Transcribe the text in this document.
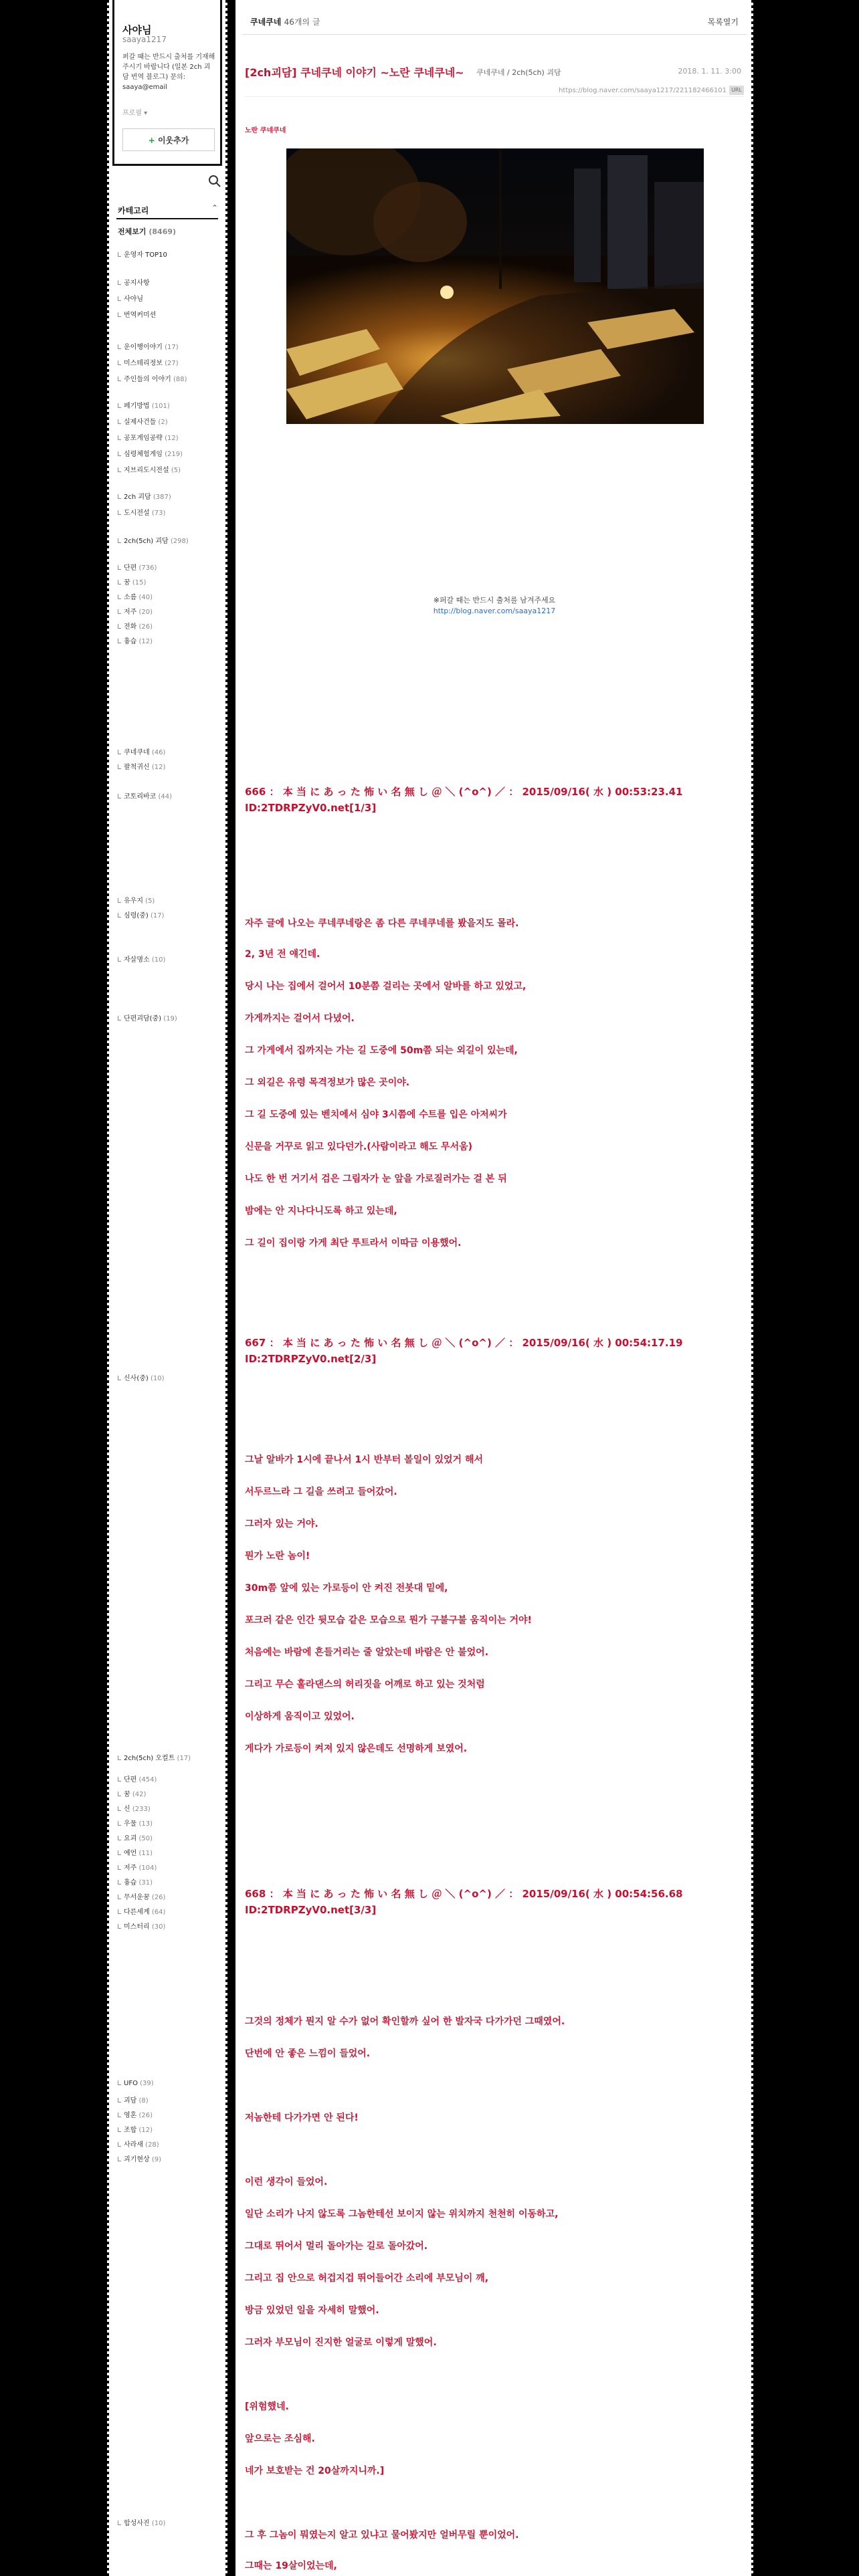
사야님
saaya1217
퍼갈 때는 반드시 출처를 기재해주시기 바랍니다 (일본 2ch 괴담 번역 블로그) 문의: saaya@email
프로필 ▾
+ 이웃추가
카테고리	⌃
전체보기 (8469)
운영자 TOP10
공지사항
사야님
번역커미션
운이행이야기 (17)
미스테리정보 (27)
주인들의 이야기 (88)
페기방법 (101)
실제사건들 (2)
공포게임공략 (12)
심령체험게임 (219)
지브리도시전설 (5)
2ch 괴담 (387)
도시전설 (73)
2ch(5ch) 괴담 (298)
단편 (736)
꿈 (15)
소름 (40)
저주 (20)
전화 (26)
흉습 (12)
쿠네쿠네 (46)
팔척귀신 (12)
코토리바코 (44)
유우지 (5)
심령(중) (17)
자살명소 (10)
단편괴담(중) (19)
신사(중) (10)
2ch(5ch) 오컬트 (17)
단편 (454)
꿈 (42)
신 (233)
우물 (13)
요괴 (50)
예언 (11)
저주 (104)
흉습 (31)
무서운꿈 (26)
다른세계 (64)
미스터리 (30)
UFO (39)
괴담 (8)
영혼 (26)
조합 (12)
사라새 (28)
괴기현상 (9)
합성사진 (10)
쿠네쿠네 46개의 글	목록열기
[2ch괴담] 쿠네쿠네 이야기 ~노란 쿠네쿠네~ 쿠네쿠네 / 2ch(5ch) 괴담	2018. 1. 11. 3:00
https://blog.naver.com/saaya1217/221182466101 URL
노란 쿠네쿠네
※퍼갈 때는 반드시 출처를 남겨주세요
http://blog.naver.com/saaya1217
666 ： 本 当 に あ っ た 怖 い 名 無 し ＠ ＼ (^o^) ／ ： 2015/09/16( 水 ) 00:53:23.41 ID:2TDRPZyV0.net[1/3]
자주 글에 나오는 쿠네쿠네랑은 좀 다른 쿠네쿠네를 봤을지도 몰라.
2, 3년 전 얘긴데.
당시 나는 집에서 걸어서 10분쯤 걸리는 곳에서 알바를 하고 있었고,
가게까지는 걸어서 다녔어.
그 가게에서 집까지는 가는 길 도중에 50m쯤 되는 외길이 있는데,
그 외길은 유령 목격정보가 많은 곳이야.
그 길 도중에 있는 벤치에서 심야 3시쯤에 수트를 입은 아저씨가
신문을 거꾸로 읽고 있다던가.(사람이라고 해도 무서움)
나도 한 번 거기서 검은 그림자가 눈 앞을 가로질러가는 걸 본 뒤
밤에는 안 지나다니도록 하고 있는데,
그 길이 집이랑 가게 최단 루트라서 이따금 이용했어.
667 ： 本 当 に あ っ た 怖 い 名 無 し ＠ ＼ (^o^) ／ ： 2015/09/16( 水 ) 00:54:17.19 ID:2TDRPZyV0.net[2/3]
그날 알바가 1시에 끝나서 1시 반부터 볼일이 있었거 해서
서두르느라 그 길을 쓰려고 들어갔어.
그러자 있는 거야.
뭔가 노란 놈이!
30m쯤 앞에 있는 가로등이 안 켜진 전봇대 밑에,
포크러 같은 인간 뒷모습 같은 모습으로 뭔가 구불구불 움직이는 거야!
처음에는 바람에 흔들거리는 줄 알았는데 바람은 안 불었어.
그리고 무슨 훌라댄스의 허리짓을 어깨로 하고 있는 것처럼
이상하게 움직이고 있었어.
게다가 가로등이 켜져 있지 않은데도 선명하게 보였어.
668 ： 本 当 に あ っ た 怖 い 名 無 し ＠ ＼ (^o^) ／ ： 2015/09/16( 水 ) 00:54:56.68 ID:2TDRPZyV0.net[3/3]
그것의 정체가 뭔지 알 수가 없어 확인할까 싶어 한 발자국 다가가던 그때였어.
단번에 안 좋은 느낌이 들었어.
저놈한테 다가가면 안 된다!
이런 생각이 들었어.
일단 소리가 나지 않도록 그놈한테선 보이지 않는 위치까지 천천히 이동하고,
그대로 뛰어서 멀리 돌아가는 길로 돌아갔어.
그리고 집 안으로 허겁지겁 뛰어들어간 소리에 부모님이 깨,
방금 있었던 일을 자세히 말했어.
그러자 부모님이 진지한 얼굴로 이렇게 말했어.
[위험했네.
앞으로는 조심해.
네가 보호받는 건 20살까지니까.]
그 후 그놈이 뭐였는지 알고 있냐고 물어봤지만 얼버무릴 뿐이었어.
그때는 19살이었는데,
